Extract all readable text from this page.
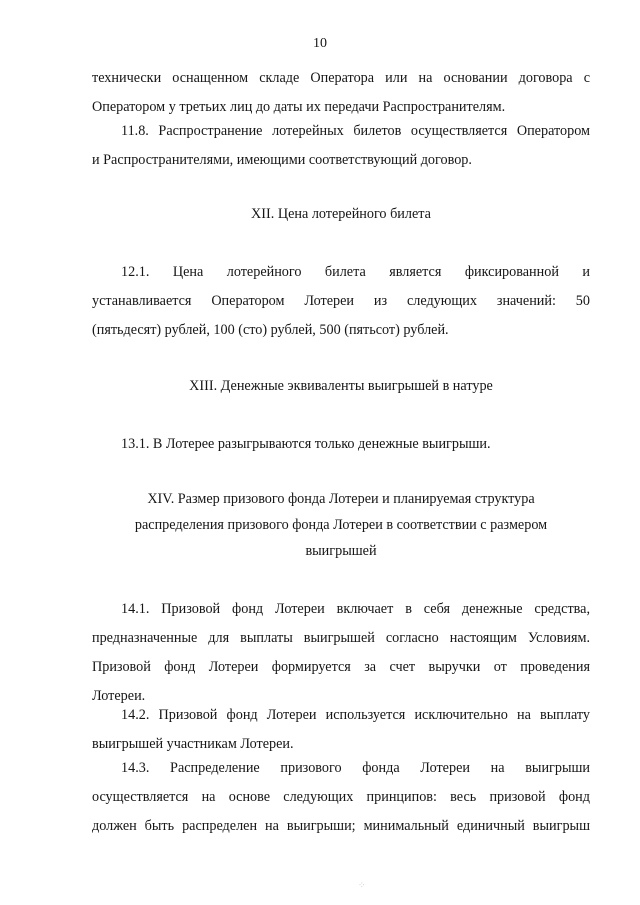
10
технически оснащенном складе Оператора или на основании договора с
Оператором у третьих лиц до даты их передачи Распространителям.
11.8. Распространение лотерейных билетов осуществляется Оператором
и Распространителями, имеющими соответствующий договор.
XII. Цена лотерейного билета
12.1. Цена лотерейного билета является фиксированной и
устанавливается Оператором Лотереи из следующих значений: 50
(пятьдесят) рублей, 100 (сто) рублей, 500 (пятьсот) рублей.
XIII. Денежные эквиваленты выигрышей в натуре
13.1. В Лотерее разыгрываются только денежные выигрыши.
XIV. Размер призового фонда Лотереи и планируемая структура
распределения призового фонда Лотереи в соответствии с размером
выигрышей
14.1. Призовой фонд Лотереи включает в себя денежные средства,
предназначенные для выплаты выигрышей согласно настоящим Условиям.
Призовой фонд Лотереи формируется за счет выручки от проведения
Лотереи.
14.2. Призовой фонд Лотереи используется исключительно на выплату
выигрышей участникам Лотереи.
14.3. Распределение призового фонда Лотереи на выигрыши
осуществляется на основе следующих принципов: весь призовой фонд
должен быть распределен на выигрыши; минимальный единичный выигрыш
⁘
